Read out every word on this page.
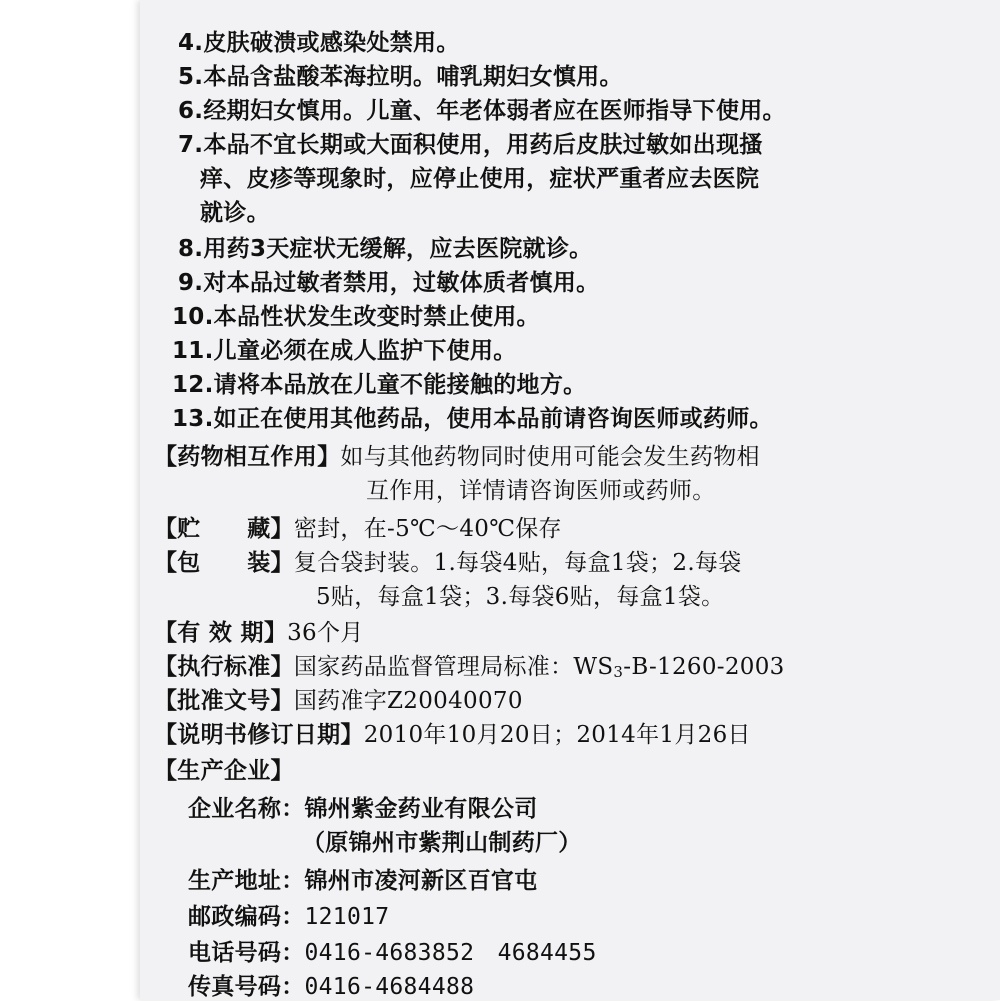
4.皮肤破溃或感染处禁用。
5.本品含盐酸苯海拉明。哺乳期妇女慎用。
6.经期妇女慎用。儿童、年老体弱者应在医师指导下使用。
7.本品不宜长期或大面积使用，用药后皮肤过敏如出现搔
痒、皮疹等现象时，应停止使用，症状严重者应去医院
就诊。
8.用药3天症状无缓解，应去医院就诊。
9.对本品过敏者禁用，过敏体质者慎用。
10.本品性状发生改变时禁止使用。
11.儿童必须在成人监护下使用。
12.请将本品放在儿童不能接触的地方。
13.如正在使用其他药品，使用本品前请咨询医师或药师。
【药物相互作用】如与其他药物同时使用可能会发生药物相
互作用，详情请咨询医师或药师。
【贮　　藏】密封，在-5℃～40℃保存
【包　　装】复合袋封装。1.每袋4贴，每盒1袋；2.每袋
5贴，每盒1袋；3.每袋6贴，每盒1袋。
【有 效 期】36个月
【执行标准】国家药品监督管理局标准：$WS_3-B-1260-2003$
【批准文号】国药准字Z20040070
【说明书修订日期】2010年10月20日；2014年1月26日
【生产企业】
企业名称：锦州紫金药业有限公司
（原锦州市紫荆山制药厂）
生产地址：锦州市凌河新区百官屯
邮政编码：121017
电话号码：0416-4683852　4684455
传真号码：0416-4684488
